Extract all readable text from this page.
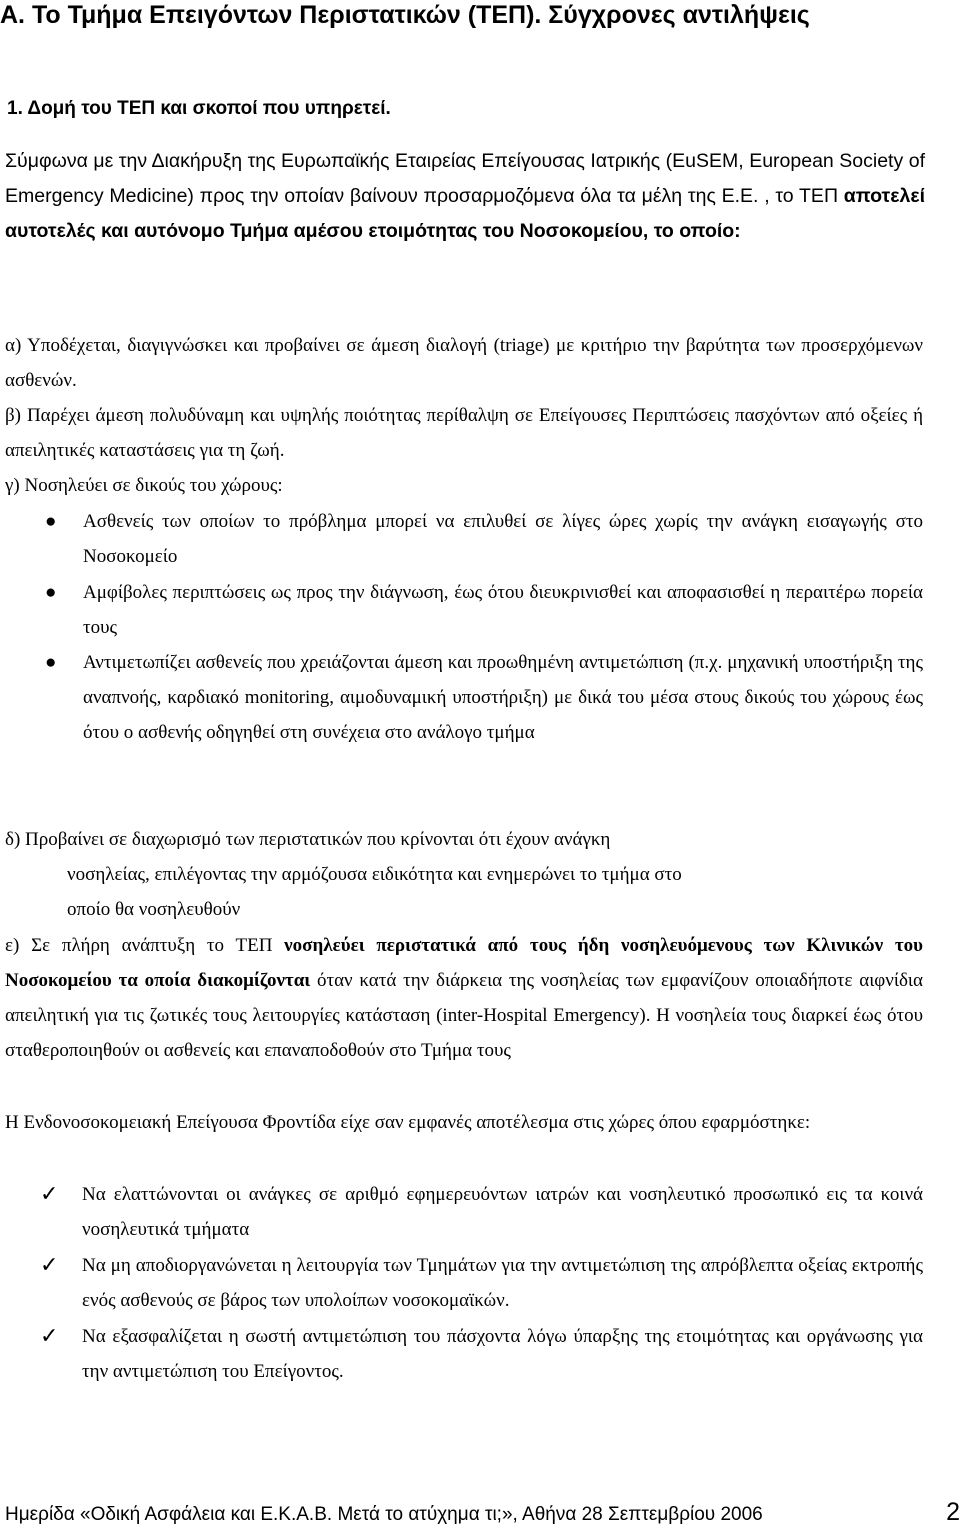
Α. Το Τμήμα Επειγόντων Περιστατικών (ΤΕΠ). Σύγχρονες αντιλήψεις
1. Δομή του ΤΕΠ και σκοποί που υπηρετεί.
Σύμφωνα με την Διακήρυξη της Ευρωπαϊκής Εταιρείας Επείγουσας Ιατρικής (EuSEM, European Society of Emergency Medicine) προς την οποίαν βαίνουν προσαρμοζόμενα όλα τα μέλη της Ε.Ε. , το ΤΕΠ αποτελεί αυτοτελές και αυτόνομο Τμήμα αμέσου ετοιμότητας του Νοσοκομείου, το οποίο:
α) Υποδέχεται, διαγιγνώσκει και προβαίνει σε άμεση διαλογή (triage) με κριτήριο την βαρύτητα των προσερχόμενων ασθενών.
β) Παρέχει άμεση πολυδύναμη και υψηλής ποιότητας περίθαλψη σε Επείγουσες Περιπτώσεις πασχόντων από οξείες ή απειλητικές καταστάσεις για τη ζωή.
γ) Νοσηλεύει σε δικούς του χώρους:
●	Ασθενείς των οποίων το πρόβλημα μπορεί να επιλυθεί σε λίγες ώρες χωρίς την ανάγκη εισαγωγής στο Νοσοκομείο
●	Αμφίβολες περιπτώσεις ως προς την διάγνωση, έως ότου διευκρινισθεί και αποφασισθεί η περαιτέρω πορεία τους
●	Αντιμετωπίζει ασθενείς που χρειάζονται άμεση και προωθημένη αντιμετώπιση (π.χ. μηχανική υποστήριξη της αναπνοής, καρδιακό monitoring, αιμοδυναμική υποστήριξη) με δικά του μέσα στους δικούς του χώρους έως ότου ο ασθενής οδηγηθεί στη συνέχεια στο ανάλογο τμήμα
δ) Προβαίνει σε διαχωρισμό των περιστατικών που κρίνονται ότι έχουν ανάγκη
νοσηλείας, επιλέγοντας την αρμόζουσα ειδικότητα και ενημερώνει το τμήμα στο
οποίο θα νοσηλευθούν
ε) Σε πλήρη ανάπτυξη το ΤΕΠ νοσηλεύει περιστατικά από τους ήδη νοσηλευόμενους των Κλινικών του Νοσοκομείου τα οποία διακομίζονται όταν κατά την διάρκεια της νοσηλείας των εμφανίζουν οποιαδήποτε αιφνίδια απειλητική για τις ζωτικές τους λειτουργίες κατάσταση (inter-Hospital Emergency). Η νοσηλεία τους διαρκεί έως ότου σταθεροποιηθούν οι ασθενείς και επαναποδοθούν στο Τμήμα τους
Η Ενδονοσοκομειακή Επείγουσα Φροντίδα είχε σαν εμφανές αποτέλεσμα στις χώρες όπου εφαρμόστηκε:
✓	Να ελαττώνονται οι ανάγκες σε αριθμό εφημερευόντων ιατρών και νοσηλευτικό προσωπικό εις τα κοινά νοσηλευτικά τμήματα
✓	Να μη αποδιοργανώνεται η λειτουργία των Τμημάτων για την αντιμετώπιση της απρόβλεπτα οξείας εκτροπής ενός ασθενούς σε βάρος των υπολοίπων νοσοκομαϊκών.
✓	Να εξασφαλίζεται η σωστή αντιμετώπιση του πάσχοντα λόγω ύπαρξης της ετοιμότητας και οργάνωσης για την αντιμετώπιση του Επείγοντος.
Ημερίδα «Οδική Ασφάλεια και Ε.Κ.Α.Β. Μετά το ατύχημα τι;», Αθήνα 28 Σεπτεμβρίου 2006	2
